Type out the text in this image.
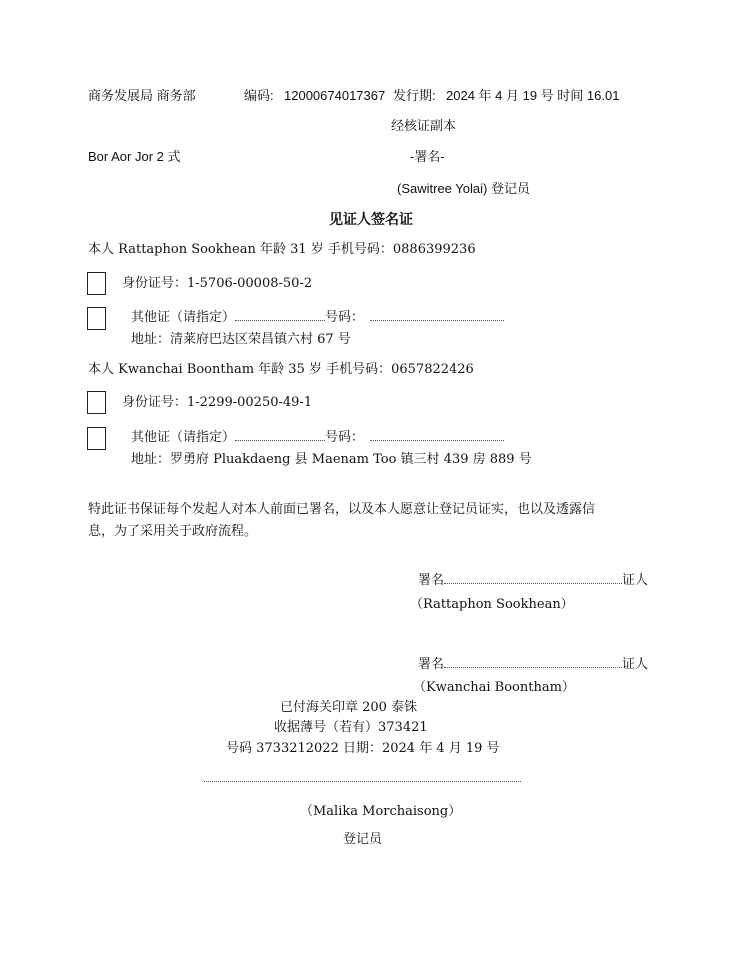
商务发展局 商务部	编码: 12000674017367 发行期: 2024 年 4 月 19 号 时间 16.01
经核证副本
Bor Aor Jor 2 式	-署名-
(Sawitree Yolai) 登记员
见证人签名证
本人 Rattaphon Sookhean 年龄 31 岁 手机号码：0886399236
身份证号：1-5706-00008-50-2
其他证（请指定）	号码：
地址：清莱府巴达区荣昌镇六村 67 号
本人 Kwanchai Boontham 年龄 35 岁 手机号码：0657822426
身份证号：1-2299-00250-49-1
其他证（请指定）	号码：
地址：罗勇府 Pluakdaeng 县 Maenam Too 镇三村 439 房 889 号
特此证书保证每个发起人对本人前面已署名，以及本人愿意让登记员证实，也以及透露信
息，为了采用关于政府流程。
署名	证人
（Rattaphon Sookhean）
署名	证人
（Kwanchai Boontham）
已付海关印章 200 泰铢
收据薄号（若有）373421
号码 3733212022 日期：2024 年 4 月 19 号
（Malika Morchaisong）
登记员
